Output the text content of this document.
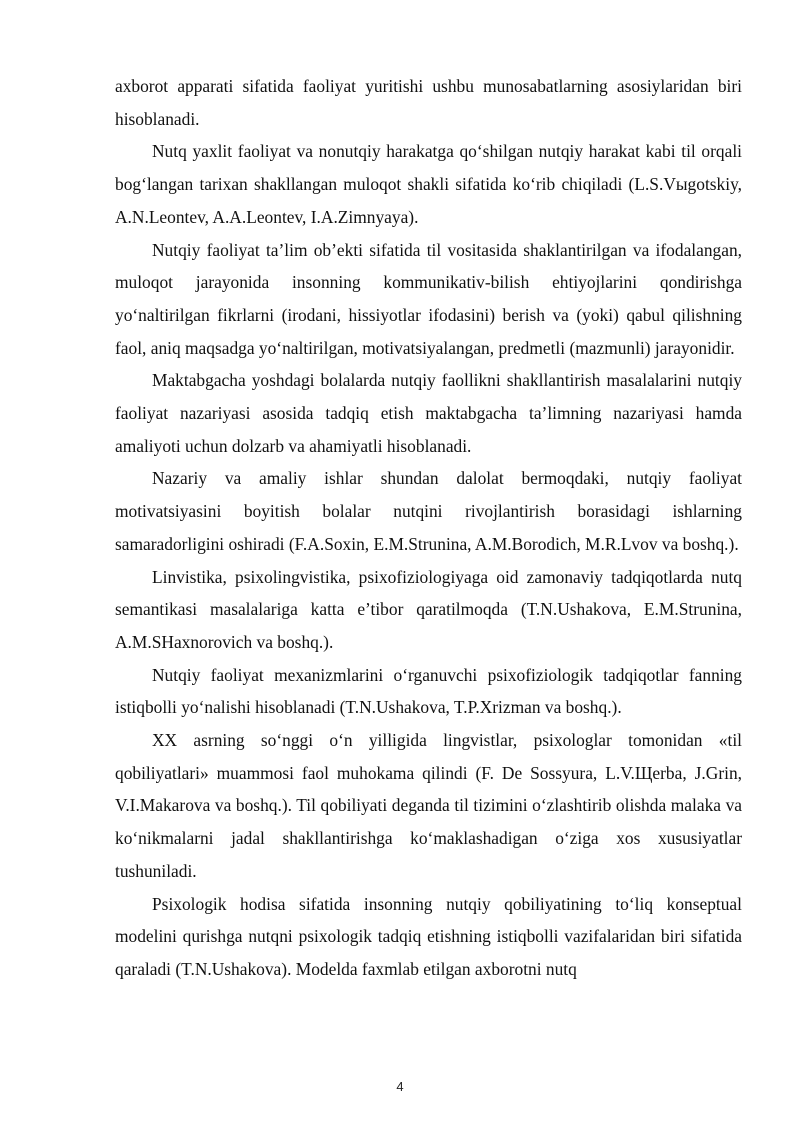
axborot apparati sifatida faoliyat yuritishi ushbu munosabatlarning asosiylaridan biri hisoblanadi.

Nutq yaxlit faoliyat va nonutqiy harakatga qo‘shilgan nutqiy harakat kabi til orqali bog‘langan tarixan shakllangan muloqot shakli sifatida ko‘rib chiqiladi (L.S.Vыgotskiy, A.N.Leontev, A.A.Leontev, I.A.Zimnyaya).

Nutqiy faoliyat ta’lim ob’ekti sifatida til vositasida shaklantirilgan va ifodalangan, muloqot jarayonida insonning kommunikativ-bilish ehtiyojlarini qondirishga yo‘naltirilgan fikrlarni (irodani, hissiyotlar ifodasini) berish va (yoki) qabul qilishning faol, aniq maqsadga yo‘naltirilgan, motivatsiyalangan, predmetli (mazmunli) jarayonidir.

Maktabgacha yoshdagi bolalarda nutqiy faollikni shakllantirish masalalarini nutqiy faoliyat nazariyasi asosida tadqiq etish maktabgacha ta’limning nazariyasi hamda amaliyoti uchun dolzarb va ahamiyatli hisoblanadi.

Nazariy va amaliy ishlar shundan dalolat bermoqdaki, nutqiy faoliyat motivatsiyasini boyitish bolalar nutqini rivojlantirish borasidagi ishlarning samaradorligini oshiradi (F.A.Soxin, E.M.Strunina, A.M.Borodich, M.R.Lvov va boshq.).

Linvistika, psixolingvistika, psixofiziologiyaga oid zamonaviy tadqiqotlarda nutq semantikasi masalalariga katta e’tibor qaratilmoqda (T.N.Ushakova, E.M.Strunina, A.M.SHaxnorovich va boshq.).

Nutqiy faoliyat mexanizmlarini o‘rganuvchi psixofiziologik tadqiqotlar fanning istiqbolli yo‘nalishi hisoblanadi (T.N.Ushakova, T.P.Xrizman va boshq.).

XX asrning so‘nggi o‘n yilligida lingvistlar, psixologlar tomonidan «til qobiliyatlari» muammosi faol muhokama qilindi (F. De Sossyura, L.V.Щerba, J.Grin, V.I.Makarova va boshq.). Til qobiliyati deganda til tizimini o‘zlashtirib olishda malaka va ko‘nikmalarni jadal shakllantirishga ko‘maklashadigan o‘ziga xos xususiyatlar tushuniladi.

Psixologik hodisa sifatida insonning nutqiy qobiliyatining to‘liq konseptual modelini qurishga nutqni psixologik tadqiq etishning istiqbolli vazifalaridan biri sifatida qaraladi (T.N.Ushakova). Modelda faxmlab etilgan axborotni nutq

4
